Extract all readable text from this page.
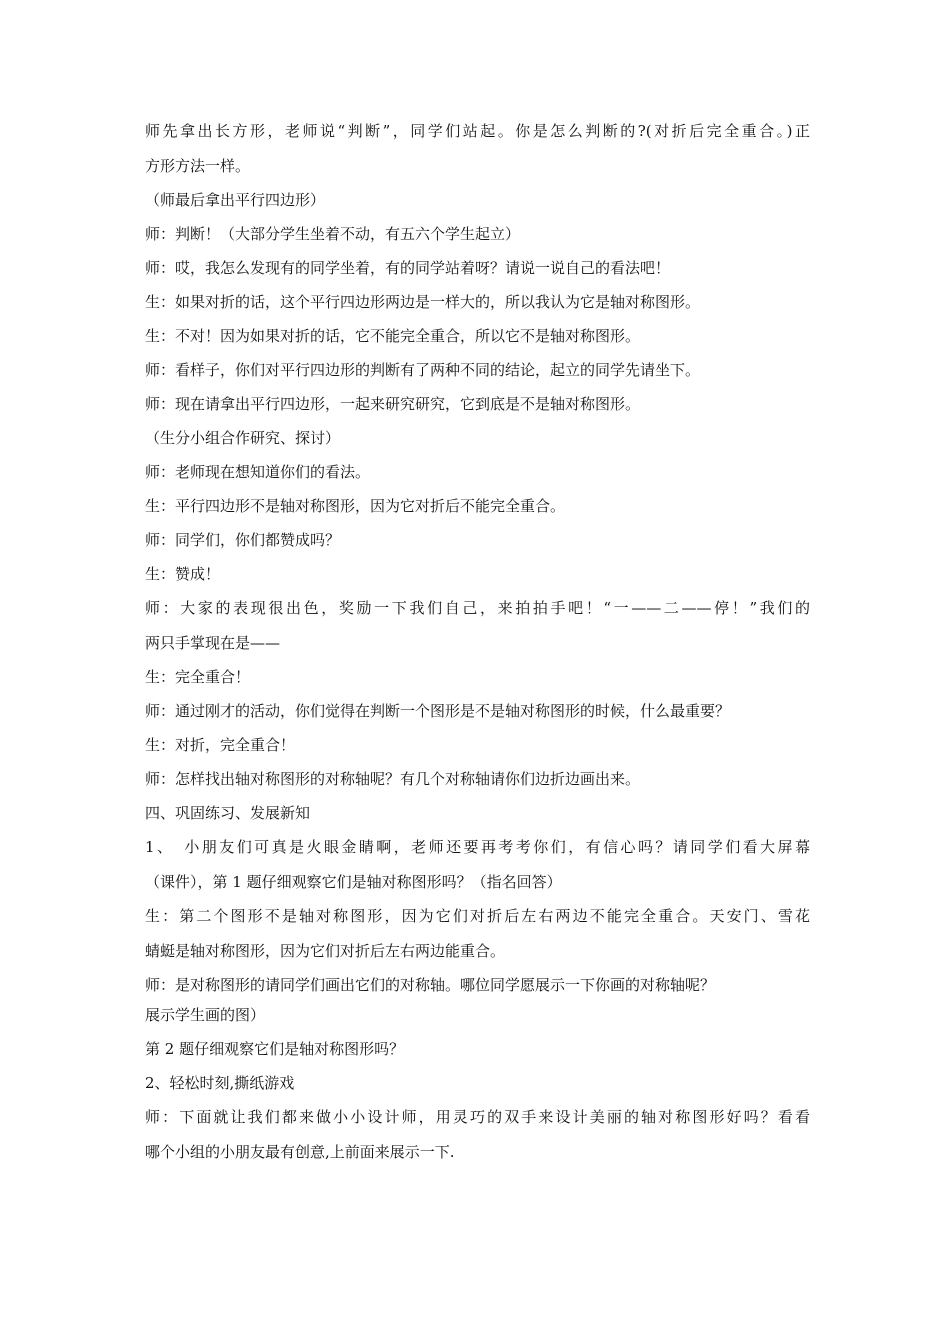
师先拿出长方形，老师说“判断”，同学们站起。你是怎么判断的?(对折后完全重合。)正

方形方法一样。

（师最后拿出平行四边形）

师：判断！（大部分学生坐着不动，有五六个学生起立）

师：哎，我怎么发现有的同学坐着，有的同学站着呀？请说一说自己的看法吧！

生：如果对折的话，这个平行四边形两边是一样大的，所以我认为它是轴对称图形。

生：不对！因为如果对折的话，它不能完全重合，所以它不是轴对称图形。

师：看样子，你们对平行四边形的判断有了两种不同的结论，起立的同学先请坐下。

师：现在请拿出平行四边形，一起来研究研究，它到底是不是轴对称图形。

（生分小组合作研究、探讨）

师：老师现在想知道你们的看法。

生：平行四边形不是轴对称图形，因为它对折后不能完全重合。

师：同学们，你们都赞成吗？

生：赞成！

师：大家的表现很出色，奖励一下我们自己，来拍拍手吧！“一——二——停！”我们的

两只手掌现在是——

生：完全重合！

师：通过刚才的活动，你们觉得在判断一个图形是不是轴对称图形的时候，什么最重要？

生：对折，完全重合！

师：怎样找出轴对称图形的对称轴呢？有几个对称轴请你们边折边画出来。

四、巩固练习、发展新知

1、　小朋友们可真是火眼金睛啊，老师还要再考考你们，有信心吗？请同学们看大屏幕

（课件），第 1 题仔细观察它们是轴对称图形吗？（指名回答）

生：第二个图形不是轴对称图形，因为它们对折后左右两边不能完全重合。天安门、雪花

蜻蜓是轴对称图形，因为它们对折后左右两边能重合。

师：是对称图形的请同学们画出它们的对称轴。哪位同学愿展示一下你画的对称轴呢？

展示学生画的图）

第 2 题仔细观察它们是轴对称图形吗？

2、轻松时刻,撕纸游戏

师：下面就让我们都来做小小设计师，用灵巧的双手来设计美丽的轴对称图形好吗？看看

哪个小组的小朋友最有创意,上前面来展示一下.
